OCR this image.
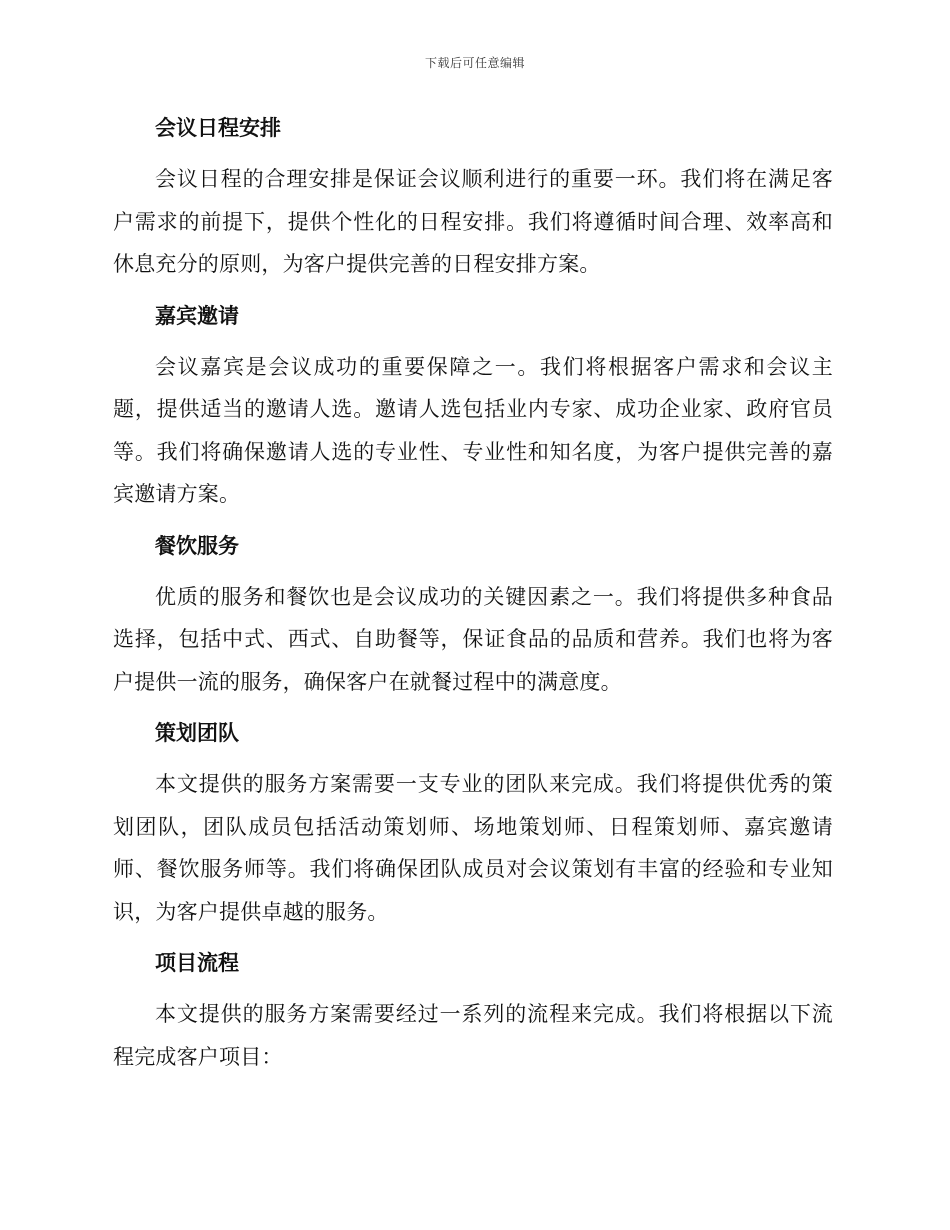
下载后可任意编辑
会议日程安排

会议日程的合理安排是保证会议顺利进行的重要一环。我们将在满足客户需求的前提下，提供个性化的日程安排。我们将遵循时间合理、效率高和休息充分的原则，为客户提供完善的日程安排方案。

嘉宾邀请

会议嘉宾是会议成功的重要保障之一。我们将根据客户需求和会议主题，提供适当的邀请人选。邀请人选包括业内专家、成功企业家、政府官员等。我们将确保邀请人选的专业性、专业性和知名度，为客户提供完善的嘉宾邀请方案。

餐饮服务

优质的服务和餐饮也是会议成功的关键因素之一。我们将提供多种食品选择，包括中式、西式、自助餐等，保证食品的品质和营养。我们也将为客户提供一流的服务，确保客户在就餐过程中的满意度。

策划团队

本文提供的服务方案需要一支专业的团队来完成。我们将提供优秀的策划团队，团队成员包括活动策划师、场地策划师、日程策划师、嘉宾邀请师、餐饮服务师等。我们将确保团队成员对会议策划有丰富的经验和专业知识，为客户提供卓越的服务。

项目流程

本文提供的服务方案需要经过一系列的流程来完成。我们将根据以下流程完成客户项目：
